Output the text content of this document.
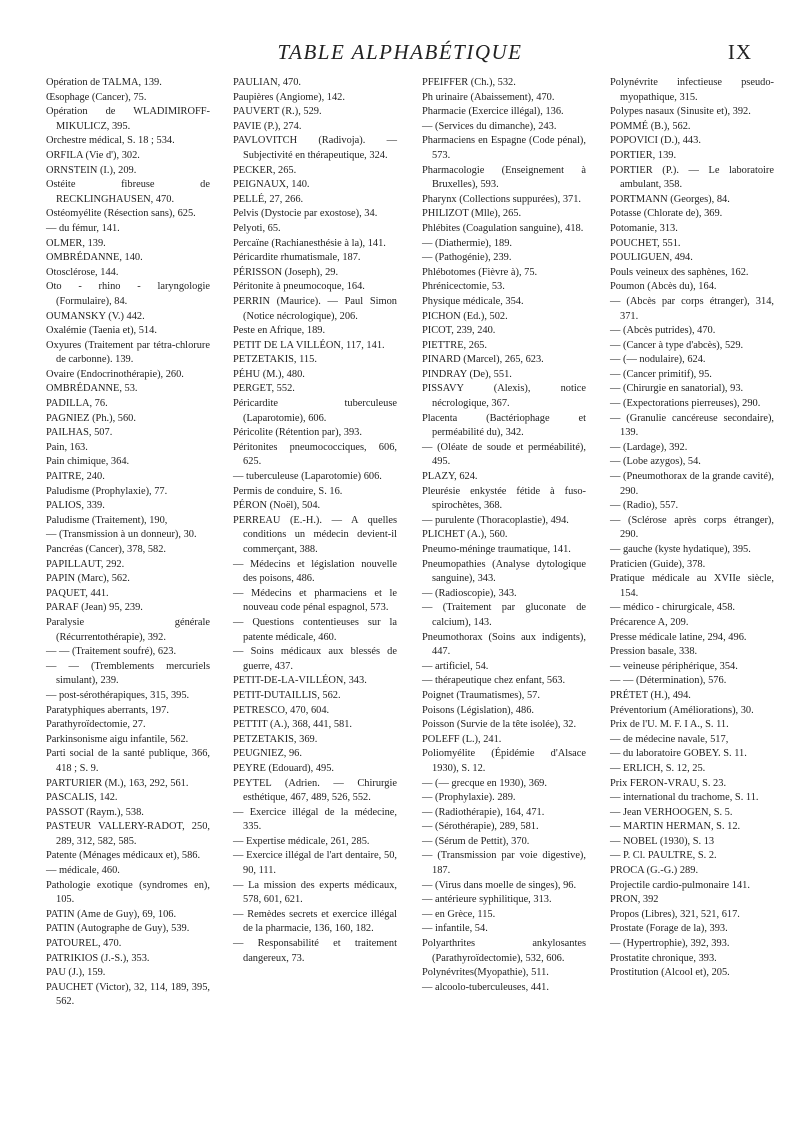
TABLE ALPHABÉTIQUE	IX
Opération de TALMA, 139.
Œsophage (Cancer), 75.
Opération de WLADIMIROFF-MIKULICZ, 395.
Orchestre médical, S. 18 ; 534.
ORFILA (Vie d'), 302.
ORNSTEIN (I.), 209.
Ostéite fibreuse de RECKLINGHAUSEN, 470.
Ostéomyélite (Résection sans), 625.
— du fémur, 141.
OLMER, 139.
OMBRÉDANNE, 140.
Otosclérose, 144.
Oto - rhino - laryngologie (Formulaire), 84.
OUMANSKY (V.) 442.
Oxalémie (Taenia et), 514.
Oxyures (Traitement par tétra-chlorure de carbonne). 139.
Ovaire (Endocrinothérapie), 260.
OMBRÉDANNE, 53.
PADILLA, 76.
PAGNIEZ (Ph.), 560.
PAILHAS, 507.
Pain, 163.
Pain chimique, 364.
PAITRE, 240.
Paludisme (Prophylaxie), 77.
PALIOS, 339.
Paludisme (Traitement), 190,
— (Transmission à un donneur), 30.
Pancréas (Cancer), 378, 582.
PAPILLAUT, 292.
PAPIN (Marc), 562.
PAQUET, 441.
PARAF (Jean) 95, 239.
Paralysie générale (Récurrentothérapie), 392.
— — (Traitement soufré), 623.
— — (Tremblements mercuriels simulant), 239.
— post-sérothérapiques, 315, 395.
Paratyphiques aberrants, 197.
Parathyroïdectomie, 27.
Parkinsonisme aigu infantile, 562.
Parti social de la santé publique, 366, 418 ; S. 9.
PARTURIER (M.), 163, 292, 561.
PASCALIS, 142.
PASSOT (Raym.), 538.
PASTEUR VALLERY-RADOT, 250, 289, 312, 582, 585.
Patente (Ménages médicaux et), 586.
— médicale, 460.
Pathologie exotique (syndromes en), 105.
PATIN (Ame de Guy), 69, 106.
PATIN (Autographe de Guy), 539.
PATOUREL, 470.
PATRIKIOS (J.-S.), 353.
PAU (J.), 159.
PAUCHET (Victor), 32, 114, 189, 395, 562.
PAULIAN, 470.
Paupières (Angiome), 142.
PAUVERT (R.), 529.
PAVIE (P.), 274.
PAVLOVITCH (Radivoja). — Subjectivité en thérapeutique, 324.
PECKER, 265.
PEIGNAUX, 140.
PELLÉ, 27, 266.
Pelvis (Dystocie par exostose), 34.
Pelyoti, 65.
Percaïne (Rachianesthésie à la), 141.
Péricardite rhumatismale, 187.
PÉRISSON (Joseph), 29.
Péritonite à pneumocoque, 164.
PERRIN (Maurice). — Paul Simon (Notice nécrologique), 206.
Peste en Afrique, 189.
PETIT DE LA VILLÉON, 117, 141.
PETZETAKIS, 115.
PÉHU (M.), 480.
PERGET, 552.
Péricardite tuberculeuse (Laparotomie), 606.
Péricolite (Rétention par), 393.
Péritonites pneumococciques, 606, 625.
— tuberculeuse (Laparotomie) 606.
Permis de conduire, S. 16.
PÉRON (Noël), 504.
PERREAU (E.-H.). — A quelles conditions un médecin devient-il commerçant, 388.
— Médecins et législation nouvelle des poisons, 486.
— Médecins et pharmaciens et le nouveau code pénal espagnol, 573.
— Questions contentieuses sur la patente médicale, 460.
— Soins médicaux aux blessés de guerre, 437.
PETIT-DE-LA-VILLÉON, 343.
PETIT-DUTAILLIS, 562.
PETRESCO, 470, 604.
PETTIT (A.), 368, 441, 581.
PETZETAKIS, 369.
PEUGNIEZ, 96.
PEYRE (Edouard), 495.
PEYTEL (Adrien. — Chirurgie esthétique, 467, 489, 526, 552.
— Exercice illégal de la médecine, 335.
— Expertise médicale, 261, 285.
— Exercice illégal de l'art dentaire, 50, 90, 111.
— La mission des experts médicaux, 578, 601, 621.
— Remèdes secrets et exercice illégal de la pharmacie, 136, 160, 182.
— Responsabilité et traitement dangereux, 73.
PFEIFFER (Ch.), 532.
Ph urinaire (Abaissement), 470.
Pharmacie (Exercice illégal), 136.
— (Services du dimanche), 243.
Pharmaciens en Espagne (Code pénal), 573.
Pharmacologie (Enseignement à Bruxelles), 593.
Pharynx (Collections suppurées), 371.
PHILIZOT (Mlle), 265.
Phlébites (Coagulation sanguine), 418.
— (Diathermie), 189.
— (Pathogénie), 239.
Phlébotomes (Fièvre à), 75.
Phrénicectomie, 53.
Physique médicale, 354.
PICHON (Ed.), 502.
PICOT, 239, 240.
PIETTRE, 265.
PINARD (Marcel), 265, 623.
PINDRAY (De), 551.
PISSAVY (Alexis), notice nécrologique, 367.
Placenta (Bactériophage et perméabilité du), 342.
— (Oléate de soude et perméabilité), 495.
PLAZY, 624.
Pleurésie enkystée fétide à fuso-spirochètes, 368.
— purulente (Thoracoplastie), 494.
PLICHET (A.), 560.
Pneumo-méninge traumatique, 141.
Pneumopathies (Analyse dytologique sanguine), 343.
— (Radioscopie), 343.
— (Traitement par gluconate de calcium), 143.
Pneumothorax (Soins aux indigents), 447.
— artificiel, 54.
— thérapeutique chez enfant, 563.
Poignet (Traumatismes), 57.
Poisons (Législation), 486.
Poisson (Survie de la tête isolée), 32.
POLEFF (L.), 241.
Poliomyélite (Épidémie d'Alsace 1930), S. 12.
— (— grecque en 1930), 369.
— (Prophylaxie). 289.
— (Radiothérapie), 164, 471.
— (Sérothérapie), 289, 581.
— (Sérum de Pettit), 370.
— (Transmission par voie digestive), 187.
— (Virus dans moelle de singes), 96.
— antérieure syphilitique, 313.
— en Grèce, 115.
— infantile, 54.
Polyarthrites ankylosantes (Parathyroïdectomie), 532, 606.
Polynévrites(Myopathie), 511.
— alcoolo-tuberculeuses, 441.
Polynévrite infectieuse pseudo-myopathique, 315.
Polypes nasaux (Sinusite et), 392.
POMMÉ (B.), 562.
POPOVICI (D.), 443.
PORTIER, 139.
PORTIER (P.). — Le laboratoire ambulant, 358.
PORTMANN (Georges), 84.
Potasse (Chlorate de), 369.
Potomanie, 313.
POUCHET, 551.
POULIGUEN, 494.
Pouls veineux des saphènes, 162.
Poumon (Abcès du), 164.
— (Abcès par corps étranger), 314, 371.
— (Abcès putrides), 470.
— (Cancer à type d'abcès), 529.
— (— nodulaire), 624.
— (Cancer primitif), 95.
— (Chirurgie en sanatorial), 93.
— (Expectorations pierreuses), 290.
— (Granulie cancéreuse secondaire), 139.
— (Lardage), 392.
— (Lobe azygos), 54.
— (Pneumothorax de la grande cavité), 290.
— (Radio), 557.
— (Sclérose après corps étranger), 290.
— gauche (kyste hydatique), 395.
Praticien (Guide), 378.
Pratique médicale au XVIIe siècle, 154.
— médico - chirurgicale, 458.
Précarence A, 209.
Presse médicale latine, 294, 496.
Pression basale, 338.
— veineuse périphérique, 354.
— — (Détermination), 576.
PRÉTET (H.), 494.
Préventorium (Améliorations), 30.
Prix de l'U. M. F. I A., S. 11.
— de médecine navale, 517,
— du laboratoire GOBEY. S. 11.
— ERLICH, S. 12, 25.
Prix FERON-VRAU, S. 23.
— international du trachome, S. 11.
— Jean VERHOOGEN, S. 5.
— MARTIN HERMAN, S. 12.
— NOBEL (1930), S. 13
— P. Cl. PAULTRE, S. 2.
PROCA (G.-G.) 289.
Projectile cardio-pulmonaire 141.
PRON, 392
Propos (Libres), 321, 521, 617.
Prostate (Forage de la), 393.
— (Hypertrophie), 392, 393.
Prostatite chronique, 393.
Prostitution (Alcool et), 205.
